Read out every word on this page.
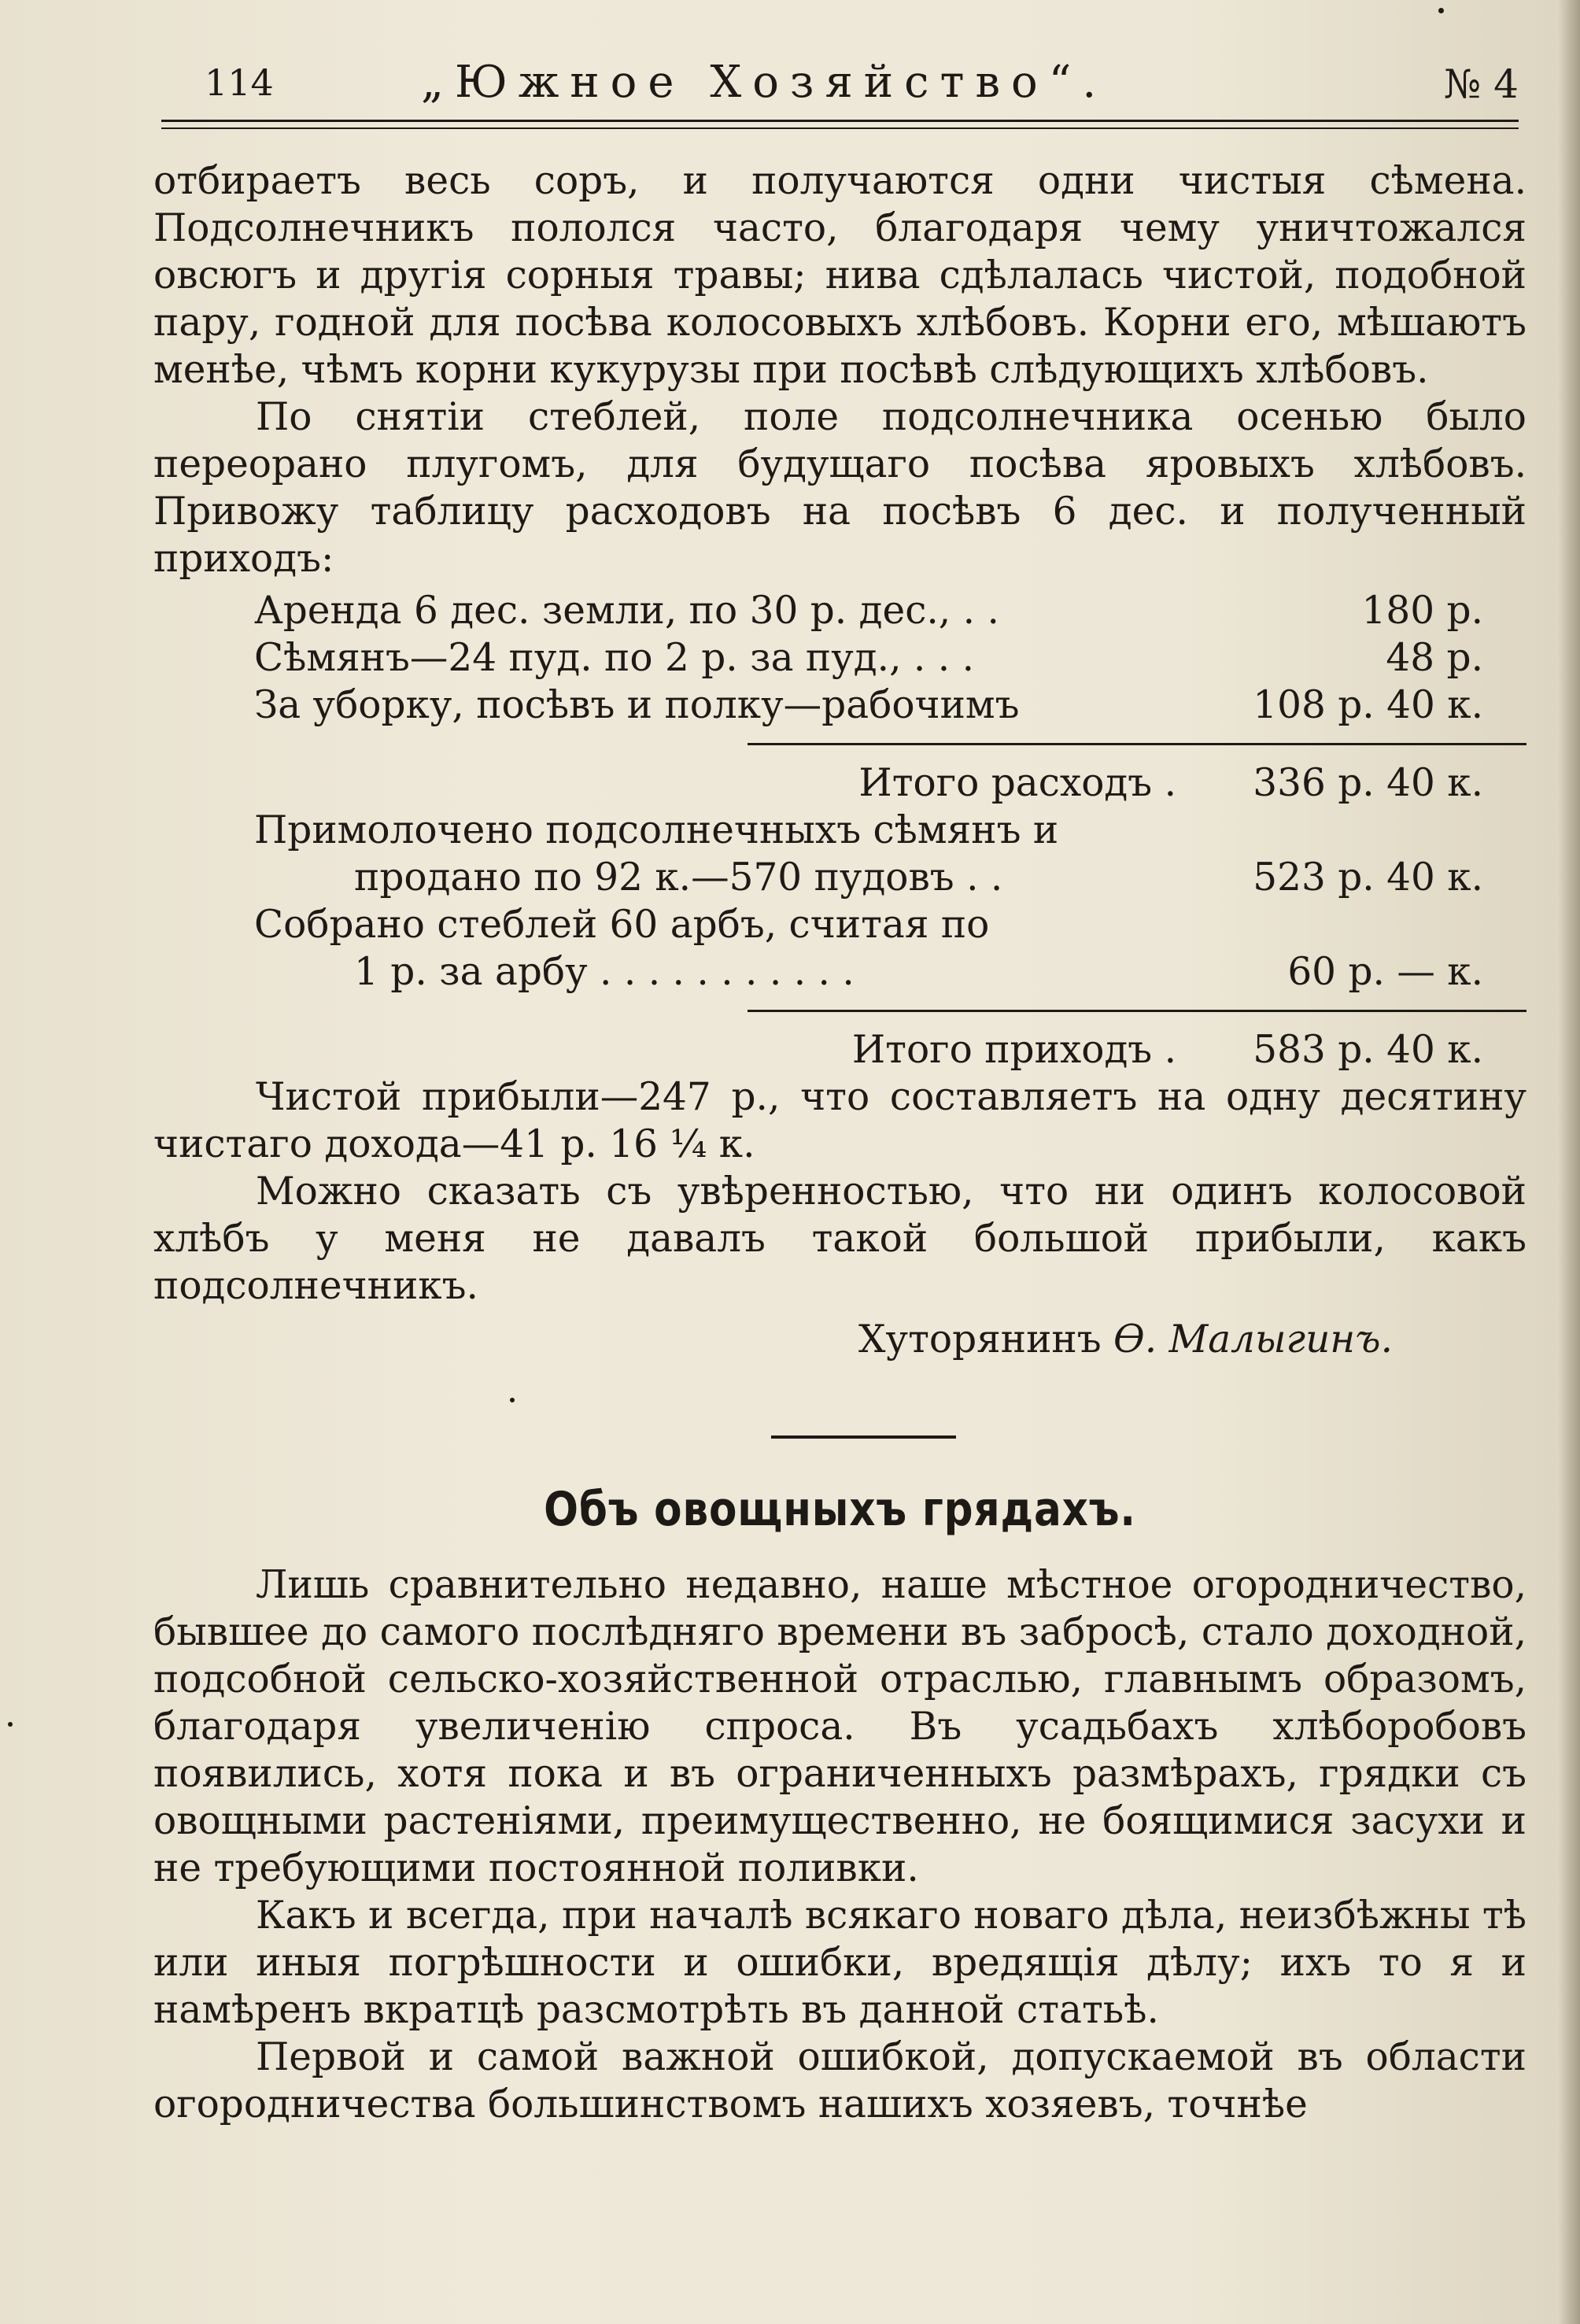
114	„Южное Хозяйство“.	№ 4

отбираетъ весь соръ, и получаются одни чистыя сѣмена. Подсолнечникъ пололся часто, благодаря чему уничтожался овсюгъ и другія сорныя травы; нива сдѣлалась чистой, подобной пару, годной для посѣва колосовыхъ хлѣбовъ. Корни его, мѣшаютъ менѣе, чѣмъ корни кукурузы при посѣвѣ слѣдующихъ хлѣбовъ.

По снятіи стеблей, поле подсолнечника осенью было переорано плугомъ, для будущаго посѣва яровыхъ хлѣбовъ. Привожу таблицу расходовъ на посѣвъ 6 дес. и полученный приходъ:

Аренда 6 дес. земли, по 30 р. дес., . .	180 р.
Сѣмянъ—24 пуд. по 2 р. за пуд., . . .	48 р.
За уборку, посѣвъ и полку—рабочимъ	108 р. 40 к.
Итого расходъ .	336 р. 40 к.
Примолочено подсолнечныхъ сѣмянъ и
продано по 92 к.—570 пудовъ . .	523 р. 40 к.
Собрано стеблей 60 арбъ, считая по
1 р. за арбу . . . . . . . . . . .	60 р. — к.
Итого приходъ .	583 р. 40 к.

Чистой прибыли—247 р., что составляетъ на одну десятину чистаго дохода—41 р. 16 ¼ к.

Можно сказать съ увѣренностью, что ни одинъ колосовой хлѣбъ у меня не давалъ такой большой прибыли, какъ подсолнечникъ.

Хуторянинъ Ѳ. Малыгинъ.
Объ овощныхъ грядахъ.

Лишь сравнительно недавно, наше мѣстное огородничество, бывшее до самого послѣдняго времени въ забросѣ, стало доходной, подсобной сельско-хозяйственной отраслью, главнымъ образомъ, благодаря увеличенію спроса. Въ усадьбахъ хлѣборобовъ появились, хотя пока и въ ограниченныхъ размѣрахъ, грядки съ овощными растеніями, преимущественно, не боящимися засухи и не требующими постоянной поливки.

Какъ и всегда, при началѣ всякаго новаго дѣла, неизбѣжны тѣ или иныя погрѣшности и ошибки, вредящія дѣлу; ихъ то я и намѣренъ вкратцѣ разсмотрѣть въ данной статьѣ.

Первой и самой важной ошибкой, допускаемой въ области огородничества большинствомъ нашихъ хозяевъ, точнѣе
